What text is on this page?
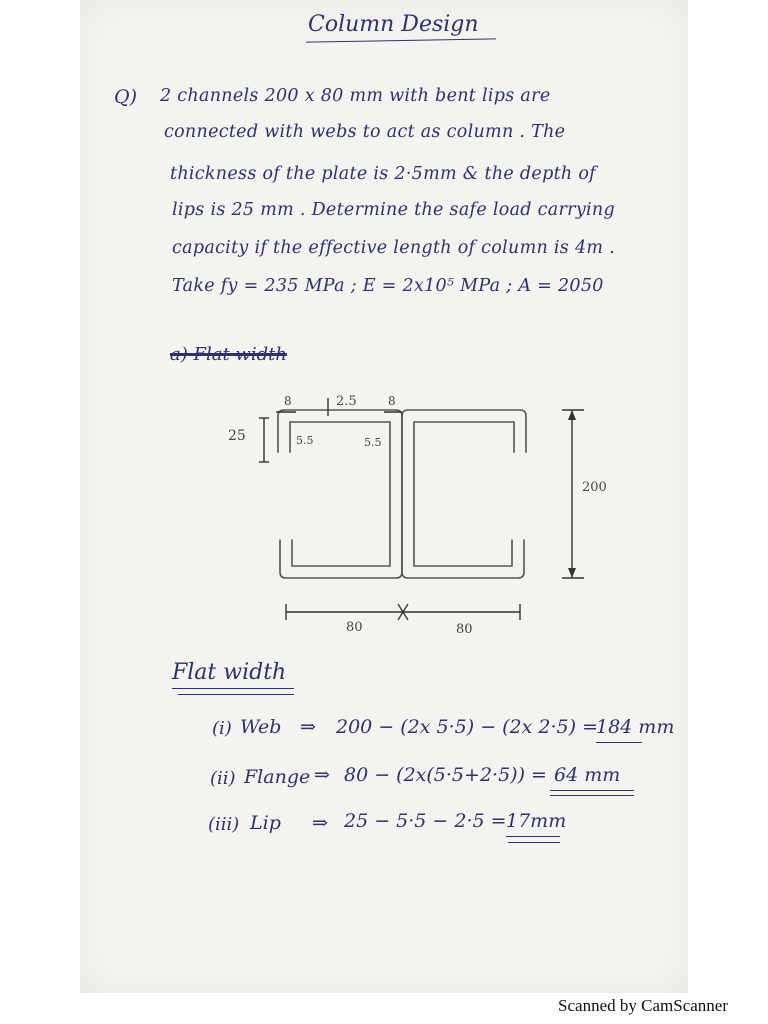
Column Design
Q) 2 channels 200 x 80 mm with bent lips are
connected with webs to act as column . The
thickness of the plate is 2·5mm & the depth of
lips is 25 mm . Determine the safe load carrying
capacity if the effective length of column is 4m .
Take fy = 235 MPa ; E = 2x10⁵ MPa ; A = 2050
a) Flat width
25
8	2.5	8
5.5	5.5
200
80	80
Flat width
(i) Web ⇒ 200 − (2x 5·5) − (2x 2·5) =
184 mm
(ii) Flange ⇒ 80 − (2x(5·5+2·5)) = 64 mm
(iii) Lip ⇒ 25 − 5·5 − 2·5 = 17mm
Scanned by CamScanner
